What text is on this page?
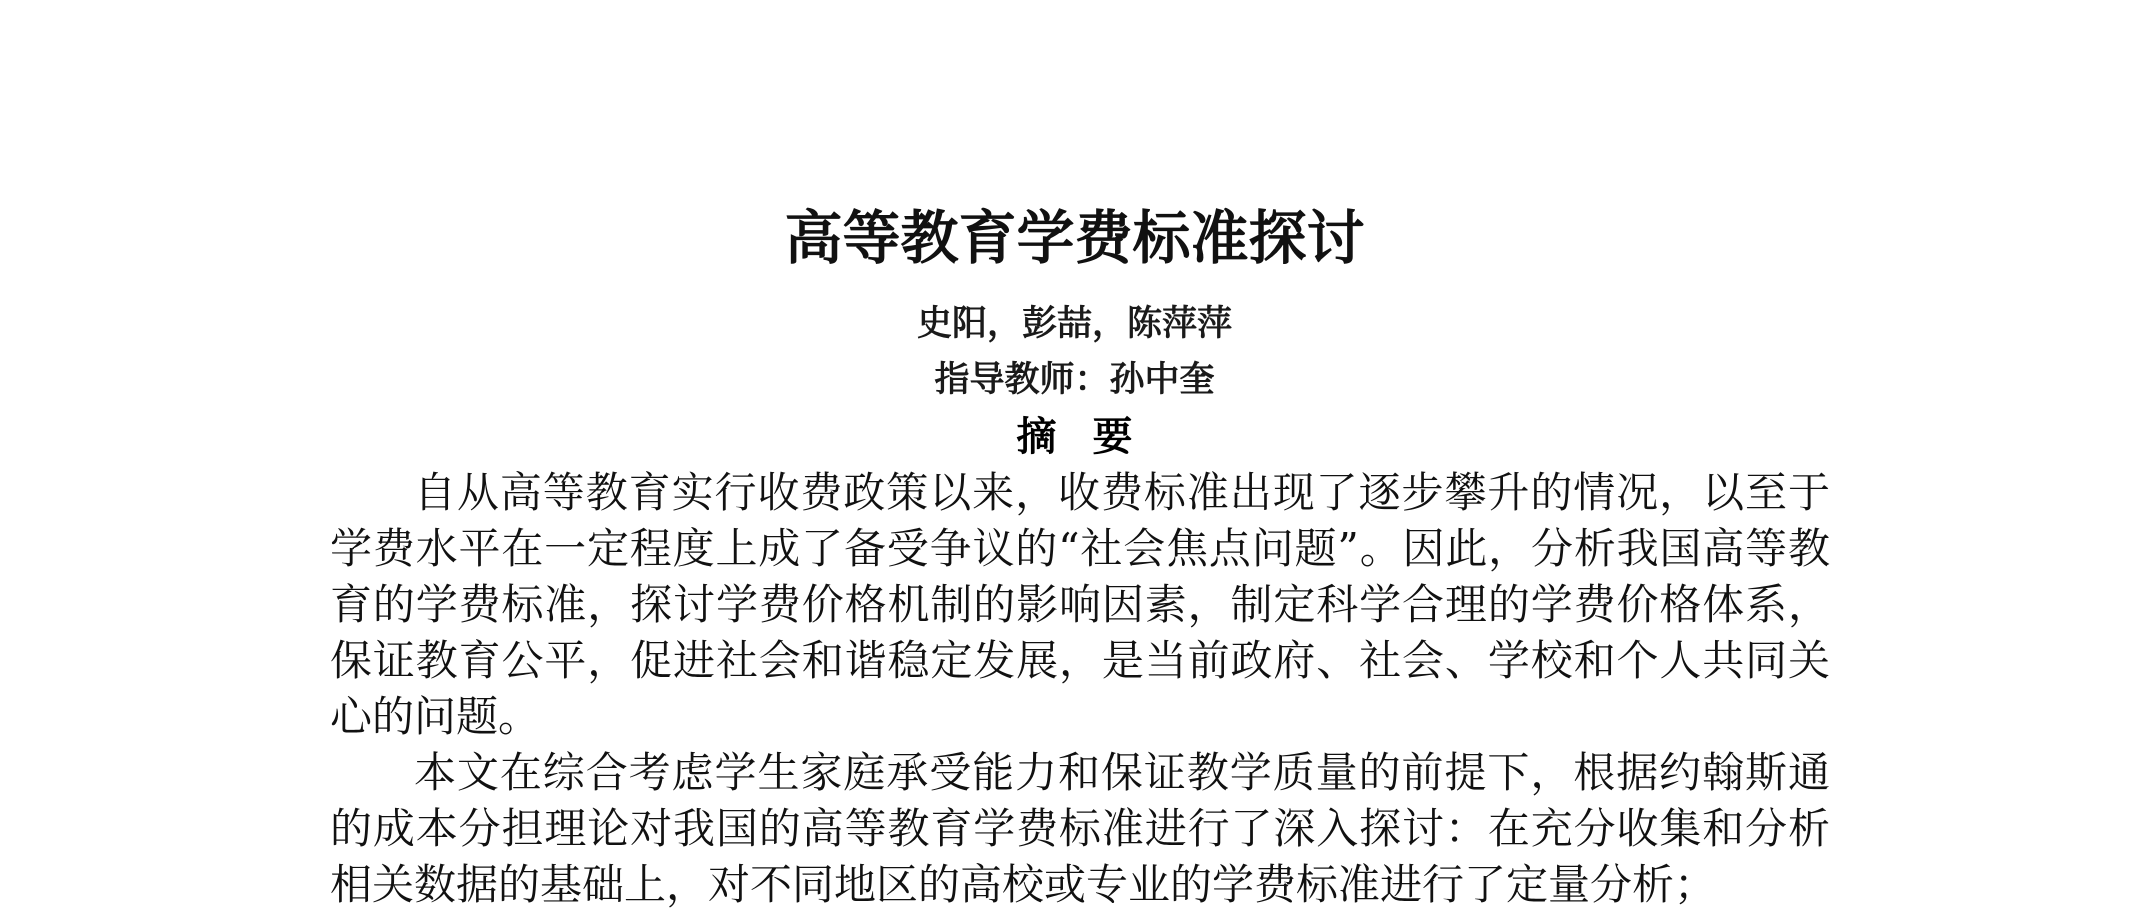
高等教育学费标准探讨
史阳，彭喆，陈萍萍
指导教师：孙中奎
摘要

自从高等教育实行收费政策以来，收费标准出现了逐步攀升的情况，以至于学费水平在一定程度上成了备受争议的“社会焦点问题”。因此，分析我国高等教育的学费标准，探讨学费价格机制的影响因素，制定科学合理的学费价格体系，保证教育公平，促进社会和谐稳定发展，是当前政府、社会、学校和个人共同关心的问题。

本文在综合考虑学生家庭承受能力和保证教学质量的前提下，根据约翰斯通的成本分担理论对我国的高等教育学费标准进行了深入探讨：在充分收集和分析相关数据的基础上，对不同地区的高校或专业的学费标准进行了定量分析；
